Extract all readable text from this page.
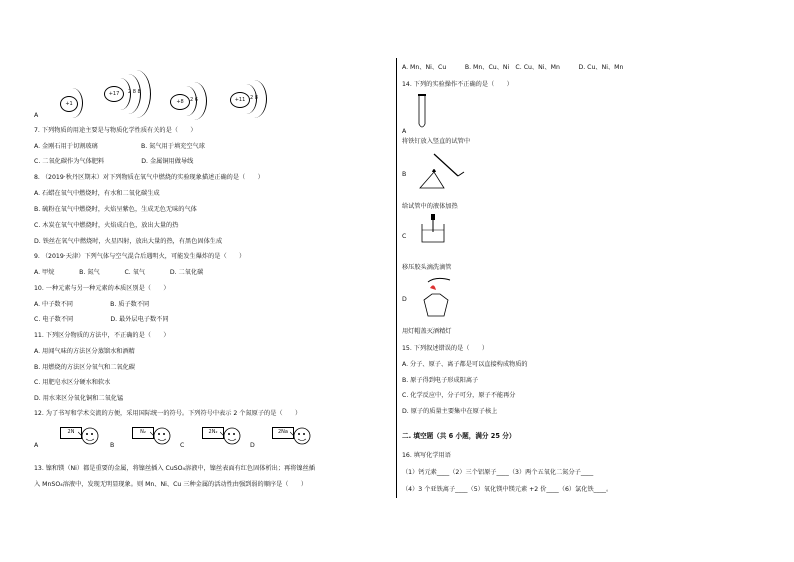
+1
+17	2 8 8
+8	2 6	+11 2 8
A
7. 下列物质的用途主要是与物质化学性质有关的是（　　）
A. 金刚石用于切割玻璃　　　　　　　B. 氮气用于填充空气球
C. 二氧化碳作为气体肥料　　　　　　D. 金属铜用做导线
8. （2019·秋丹区期末）对下列物质在氧气中燃烧的实验现象描述正确的是（　　）
A. 石蜡在氧气中燃烧时，有水和二氧化碳生成
B. 硫粉在氧气中燃烧时，火焰呈紫色，生成无色无味的气体
C. 木炭在氧气中燃烧时，火焰成白色，放出大量的热
D. 铁丝在氧气中燃烧时，火星四射，放出大量的热，有黑色固体生成
9. （2019·天津）下列气体与空气混合后遇明火，可能发生爆炸的是（　　）
A. 甲烷　　　　B. 氮气　　　　C. 氧气　　　　D. 二氧化碳
10. 一种元素与另一种元素的本质区别是（　　）
A. 中子数不同　　　　　　B. 质子数不同
C. 电子数不同　　　　　　D. 最外层电子数不同
11. 下列区分物质的方法中，不正确的是（　　）
A. 用闻气味的方法区分蒸馏水和酒精
B. 用燃烧的方法区分氧气和二氧化碳
C. 用肥皂水区分硬水和软水
D. 用水来区分氧化铜和二氧化锰
12. 为了书写和学术交流的方便，采用国际统一的符号。下列符号中表示 2 个氮原子的是（　　）
A
2N
B
N₂
C
2N₂
D
2Na
13. 镍和镁（Ni）都是重要的金属，将镍丝插入 CuSO₄溶液中，镍丝表面有红色固体析出；再将镍丝插
入 MnSO₄溶液中，发现无明显现象。则 Mn、Ni、Cu 三种金属的活动性由强到弱的顺序是（　　）
A. Mn、Ni、Cu　　　B. Mn、Cu、Ni　C. Cu、Ni、Mn　　　D. Cu、Ni、Mn
14. 下列的实验操作不正确的是（　　）
将铁钉放入竖直的试管中
A
B
给试管中的液体加热
C
移压胶头滴洗滴管
D
用灯帽盖灭酒精灯
15. 下列叙述错误的是（　　）
A. 分子、原子、离子都是可以直接构成物质的
B. 原子得到电子形成阳离子
C. 化学反应中，分子可分，原子不能再分
D. 原子的质量主要集中在原子核上
二. 填空题（共 6 小题，满分 25 分）
16. 填写化学用语
（1）钙元素____（2）三个铝原子____（3）两个五氧化二氮分子____
（4）3 个亚铁离子____（5）氧化镁中镁元素 +2 价____（6）氯化铁____。
